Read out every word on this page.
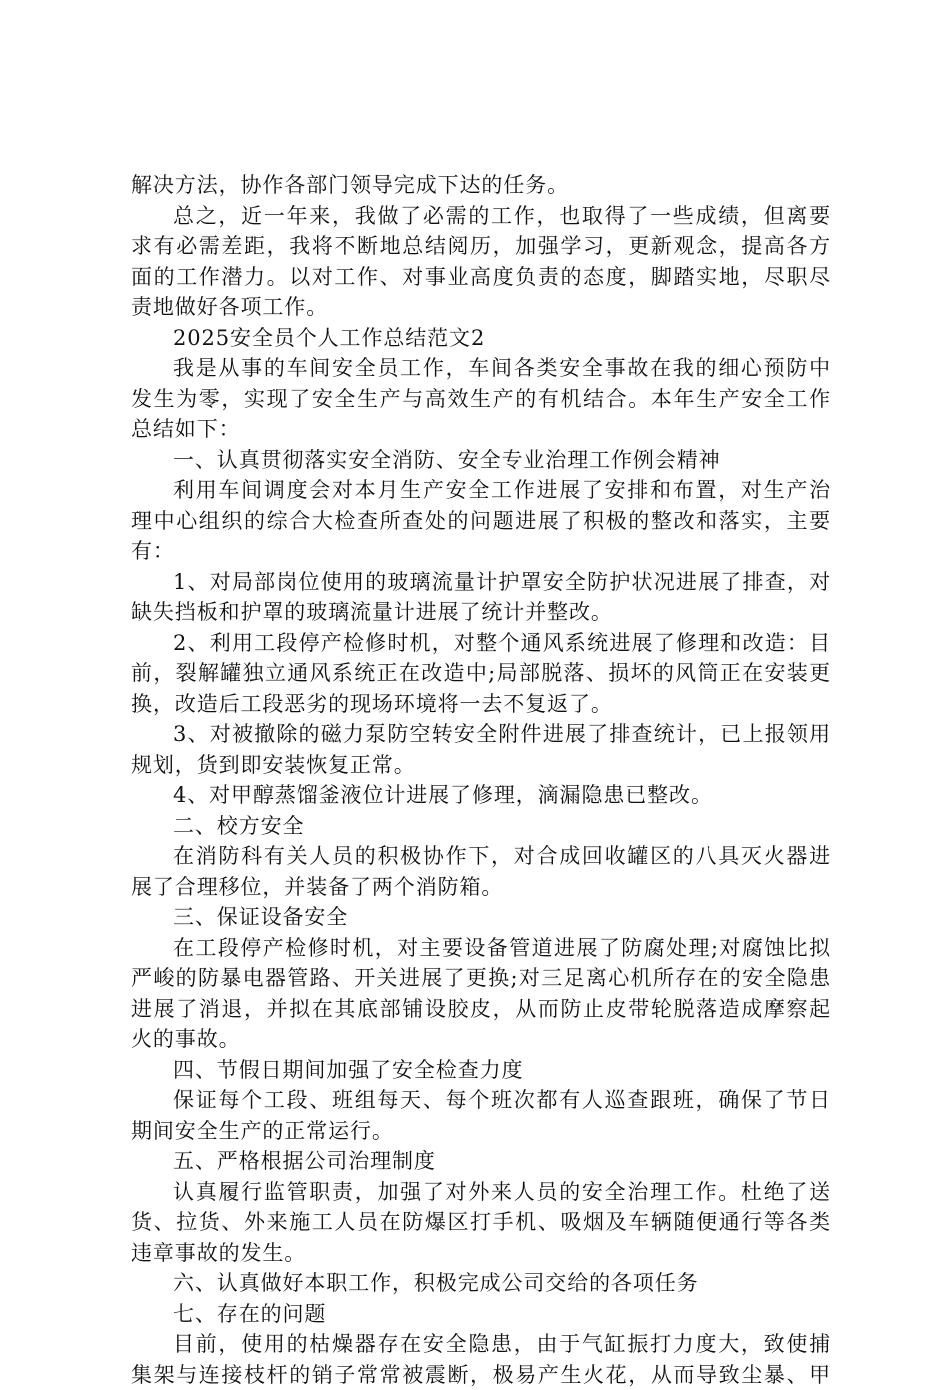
解决方法，协作各部门领导完成下达的任务。
总之，近一年来，我做了必需的工作，也取得了一些成绩，但离要
求有必需差距，我将不断地总结阅历，加强学习，更新观念，提高各方
面的工作潜力。以对工作、对事业高度负责的态度，脚踏实地，尽职尽
责地做好各项工作。
2025安全员个人工作总结范文2
我是从事的车间安全员工作，车间各类安全事故在我的细心预防中
发生为零，实现了安全生产与高效生产的有机结合。本年生产安全工作
总结如下：
一、认真贯彻落实安全消防、安全专业治理工作例会精神
利用车间调度会对本月生产安全工作进展了安排和布置，对生产治
理中心组织的综合大检查所查处的问题进展了积极的整改和落实，主要
有：
1、对局部岗位使用的玻璃流量计护罩安全防护状况进展了排查，对
缺失挡板和护罩的玻璃流量计进展了统计并整改。
2、利用工段停产检修时机，对整个通风系统进展了修理和改造：目
前，裂解罐独立通风系统正在改造中;局部脱落、损坏的风筒正在安装更
换，改造后工段恶劣的现场环境将一去不复返了。
3、对被撤除的磁力泵防空转安全附件进展了排查统计，已上报领用
规划，货到即安装恢复正常。
4、对甲醇蒸馏釜液位计进展了修理，滴漏隐患已整改。
二、校方安全
在消防科有关人员的积极协作下，对合成回收罐区的八具灭火器进
展了合理移位，并装备了两个消防箱。
三、保证设备安全
在工段停产检修时机，对主要设备管道进展了防腐处理;对腐蚀比拟
严峻的防暴电器管路、开关进展了更换;对三足离心机所存在的安全隐患
进展了消退，并拟在其底部铺设胶皮，从而防止皮带轮脱落造成摩察起
火的事故。
四、节假日期间加强了安全检查力度
保证每个工段、班组每天、每个班次都有人巡查跟班，确保了节日
期间安全生产的正常运行。
五、严格根据公司治理制度
认真履行监管职责，加强了对外来人员的安全治理工作。杜绝了送
货、拉货、外来施工人员在防爆区打手机、吸烟及车辆随便通行等各类
违章事故的发生。
六、认真做好本职工作，积极完成公司交给的各项任务
七、存在的问题
目前，使用的枯燥器存在安全隐患，由于气缸振打力度大，致使捕
集架与连接枝杆的销子常常被震断，极易产生火花，从而导致尘暴、甲
